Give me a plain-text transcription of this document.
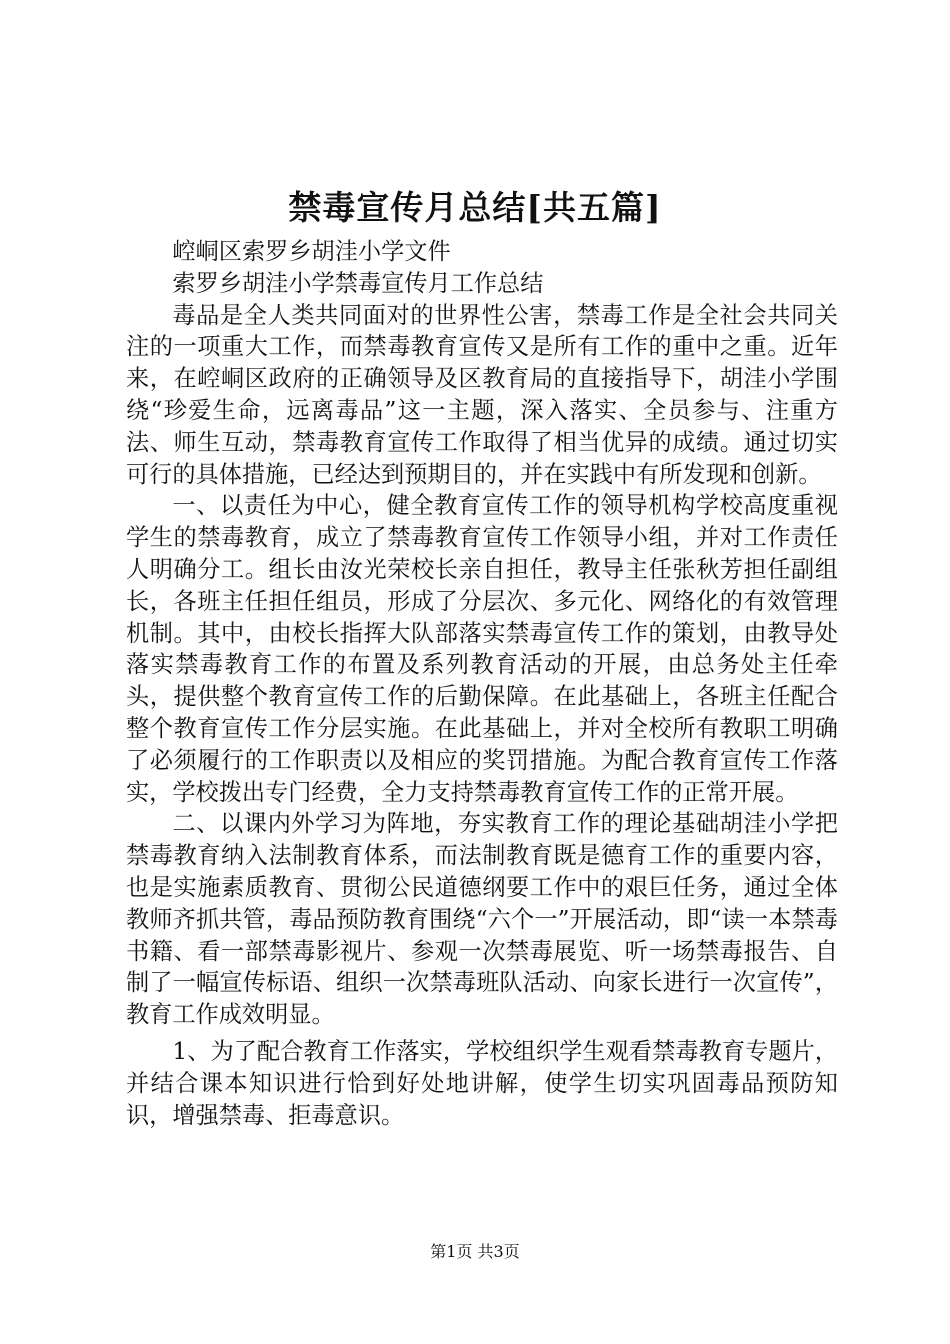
禁毒宣传月总结[共五篇]

崆峒区索罗乡胡洼小学文件

索罗乡胡洼小学禁毒宣传月工作总结

毒品是全人类共同面对的世界性公害，禁毒工作是全社会共同关注的一项重大工作，而禁毒教育宣传又是所有工作的重中之重。近年来，在崆峒区政府的正确领导及区教育局的直接指导下，胡洼小学围绕“珍爱生命，远离毒品”这一主题，深入落实、全员参与、注重方法、师生互动，禁毒教育宣传工作取得了相当优异的成绩。通过切实可行的具体措施，已经达到预期目的，并在实践中有所发现和创新。

一、以责任为中心，健全教育宣传工作的领导机构学校高度重视学生的禁毒教育，成立了禁毒教育宣传工作领导小组，并对工作责任人明确分工。组长由汝光荣校长亲自担任，教导主任张秋芳担任副组长，各班主任担任组员，形成了分层次、多元化、网络化的有效管理机制。其中，由校长指挥大队部落实禁毒宣传工作的策划，由教导处落实禁毒教育工作的布置及系列教育活动的开展，由总务处主任牵头，提供整个教育宣传工作的后勤保障。在此基础上，各班主任配合整个教育宣传工作分层实施。在此基础上，并对全校所有教职工明确了必须履行的工作职责以及相应的奖罚措施。为配合教育宣传工作落实，学校拨出专门经费，全力支持禁毒教育宣传工作的正常开展。

二、以课内外学习为阵地，夯实教育工作的理论基础胡洼小学把禁毒教育纳入法制教育体系，而法制教育既是德育工作的重要内容，也是实施素质教育、贯彻公民道德纲要工作中的艰巨任务，通过全体教师齐抓共管，毒品预防教育围绕“六个一”开展活动，即“读一本禁毒书籍、看一部禁毒影视片、参观一次禁毒展览、听一场禁毒报告、自制了一幅宣传标语、组织一次禁毒班队活动、向家长进行一次宣传”，教育工作成效明显。

1、为了配合教育工作落实，学校组织学生观看禁毒教育专题片，并结合课本知识进行恰到好处地讲解，使学生切实巩固毒品预防知识，增强禁毒、拒毒意识。

第1页 共3页
